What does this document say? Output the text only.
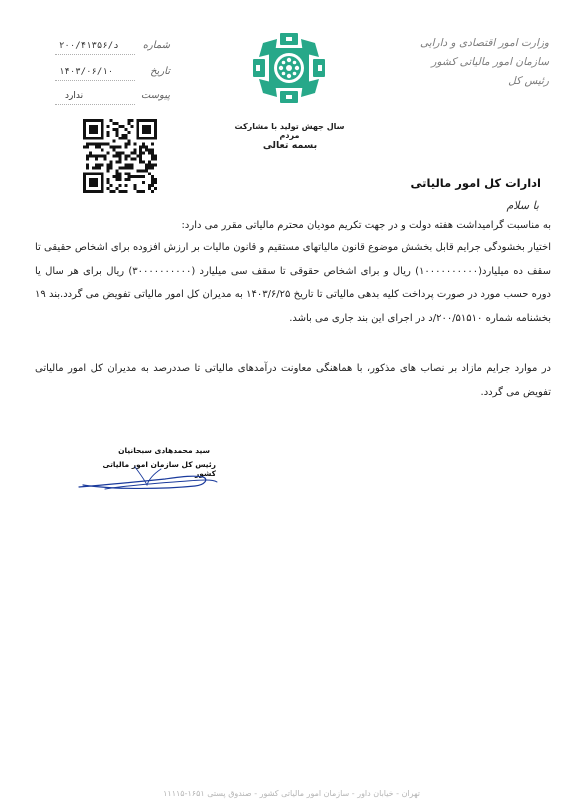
وزارت امور اقتصادی و دارایی
سازمان امور مالیاتی کشور
رئیس کل
سال جهش تولید با مشارکت مردم
بسمه تعالی
۲۰۰/۴۱۳۵۶/د شماره
۱۴۰۳/۰۶/۱۰	تاریخ
ندارد	پیوست
ادارات کل امور مالیاتی
با سلام
به مناسبت گرامیداشت هفته دولت و در جهت تکریم مودیان محترم مالیاتی مقرر می دارد:
اختیار بخشودگی جرایم قابل بخشش موضوع قانون مالیاتهای مستقیم و قانون مالیات بر ارزش افزوده برای اشخاص حقیقی تا سقف ده میلیارد(۱۰۰۰۰۰۰۰۰۰۰) ریال و برای اشخاص حقوقی تا سقف سی میلیارد (۳۰۰۰۰۰۰۰۰۰۰) ریال برای هر سال یا دوره حسب مورد در صورت پرداخت کلیه بدهی مالیاتی تا تاریخ ۱۴۰۳/۶/۲۵ به مدیران کل امور مالیاتی تفویض می گردد.بند ۱۹ بخشنامه شماره ۲۰۰/۵۱۵۱۰/د در اجرای این بند جاری می باشد.
در موارد جرایم مازاد بر نصاب های مذکور، با هماهنگی معاونت درآمدهای مالیاتی تا صددرصد به مدیران کل امور مالیاتی تفویض می گردد.
سید محمدهادی سبحانیان
رئیس کل سازمان امور مالیاتی کشور
تهران - خیابان داور - سازمان امور مالیاتی کشور - صندوق پستی ۱۶۵۱-۱۱۱۱۵
